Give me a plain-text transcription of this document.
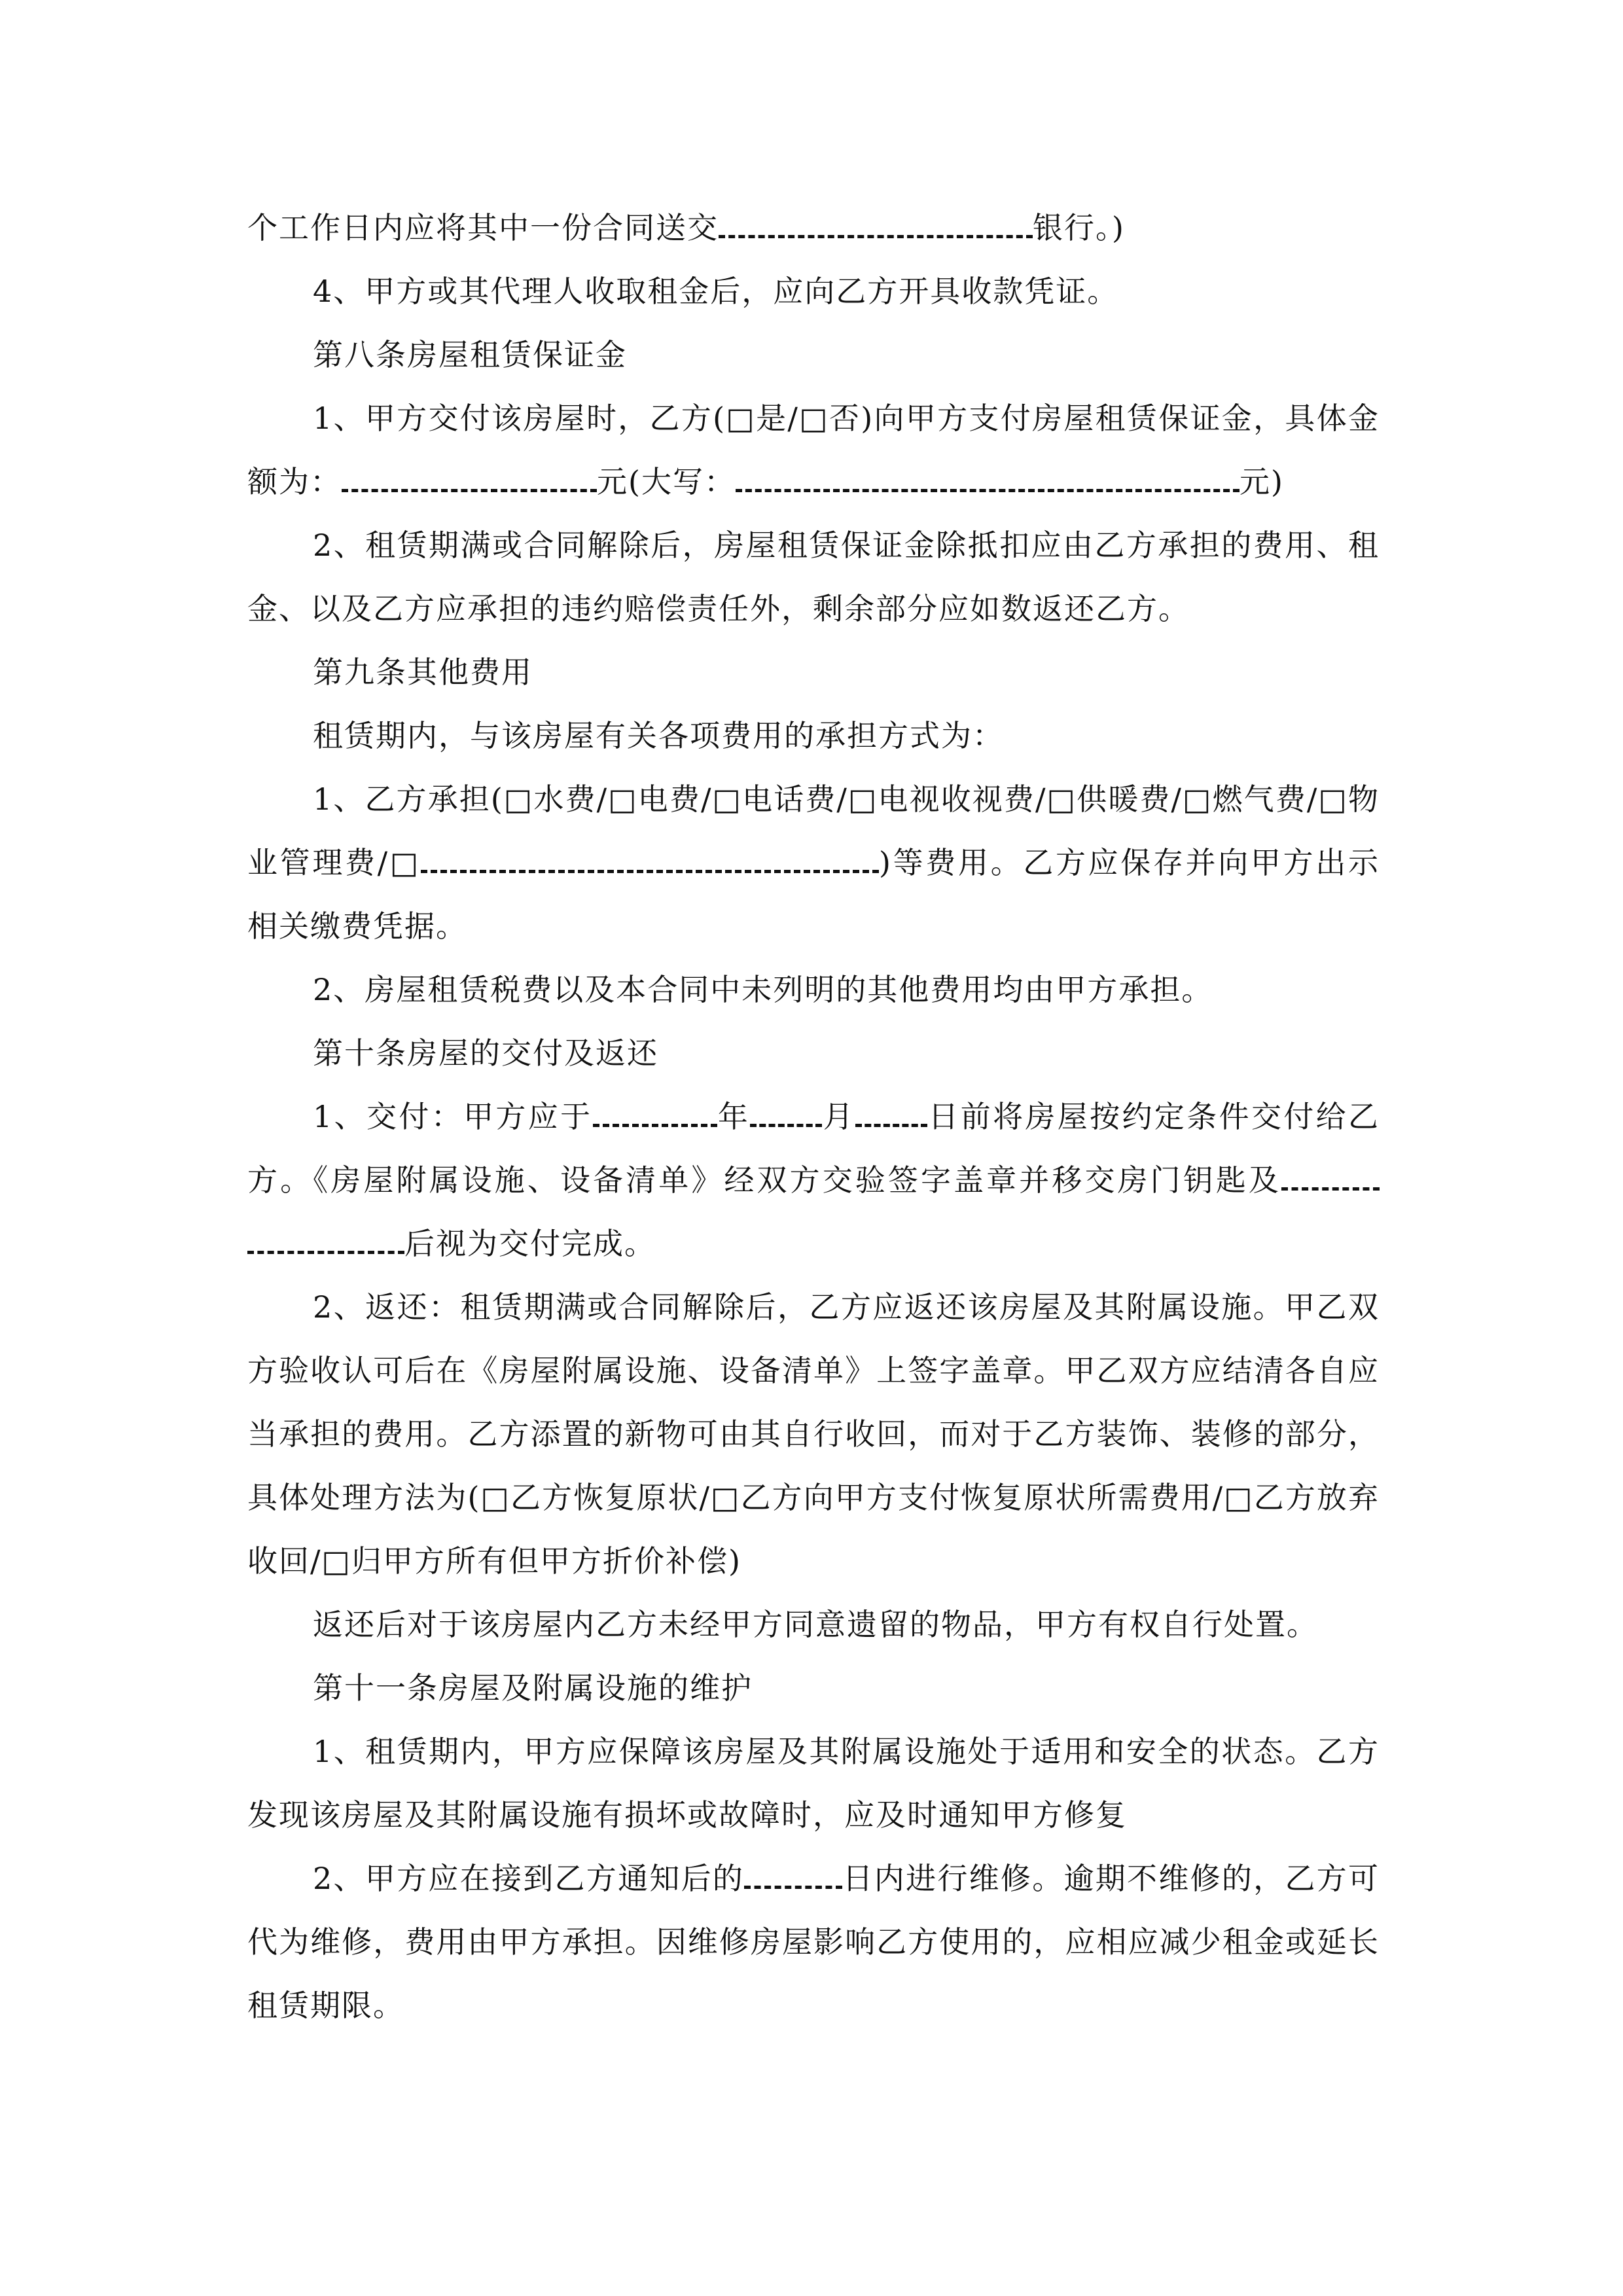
个工作日内应将其中一份合同送交	银行。)

4、甲方或其代理人收取租金后，应向乙方开具收款凭证。

第八条房屋租赁保证金

1、甲方交付该房屋时，乙方(□是/□否)向甲方支付房屋租赁保证金，具体金额为：	元(大写：	元)

2、租赁期满或合同解除后，房屋租赁保证金除抵扣应由乙方承担的费用、租金、以及乙方应承担的违约赔偿责任外，剩余部分应如数返还乙方。

第九条其他费用

租赁期内，与该房屋有关各项费用的承担方式为：

1、乙方承担(□水费/□电费/□电话费/□电视收视费/□供暖费/□燃气费/□物业管理费/□	)等费用。乙方应保存并向甲方出示相关缴费凭据。

2、房屋租赁税费以及本合同中未列明的其他费用均由甲方承担。

第十条房屋的交付及返还

1、交付：甲方应于	年 月 日前将房屋按约定条件交付给乙方。《房屋附属设施、设备清单》经双方交验签字盖章并移交房门钥匙及后视为交付完成。

2、返还：租赁期满或合同解除后，乙方应返还该房屋及其附属设施。甲乙双方验收认可后在《房屋附属设施、设备清单》上签字盖章。甲乙双方应结清各自应当承担的费用。乙方添置的新物可由其自行收回，而对于乙方装饰、装修的部分，具体处理方法为(□乙方恢复原状/□乙方向甲方支付恢复原状所需费用/□乙方放弃收回/□归甲方所有但甲方折价补偿)

返还后对于该房屋内乙方未经甲方同意遗留的物品，甲方有权自行处置。

第十一条房屋及附属设施的维护

1、租赁期内，甲方应保障该房屋及其附属设施处于适用和安全的状态。乙方发现该房屋及其附属设施有损坏或故障时，应及时通知甲方修复

2、甲方应在接到乙方通知后的	日内进行维修。逾期不维修的，乙方可代为维修，费用由甲方承担。因维修房屋影响乙方使用的，应相应减少租金或延长租赁期限。
